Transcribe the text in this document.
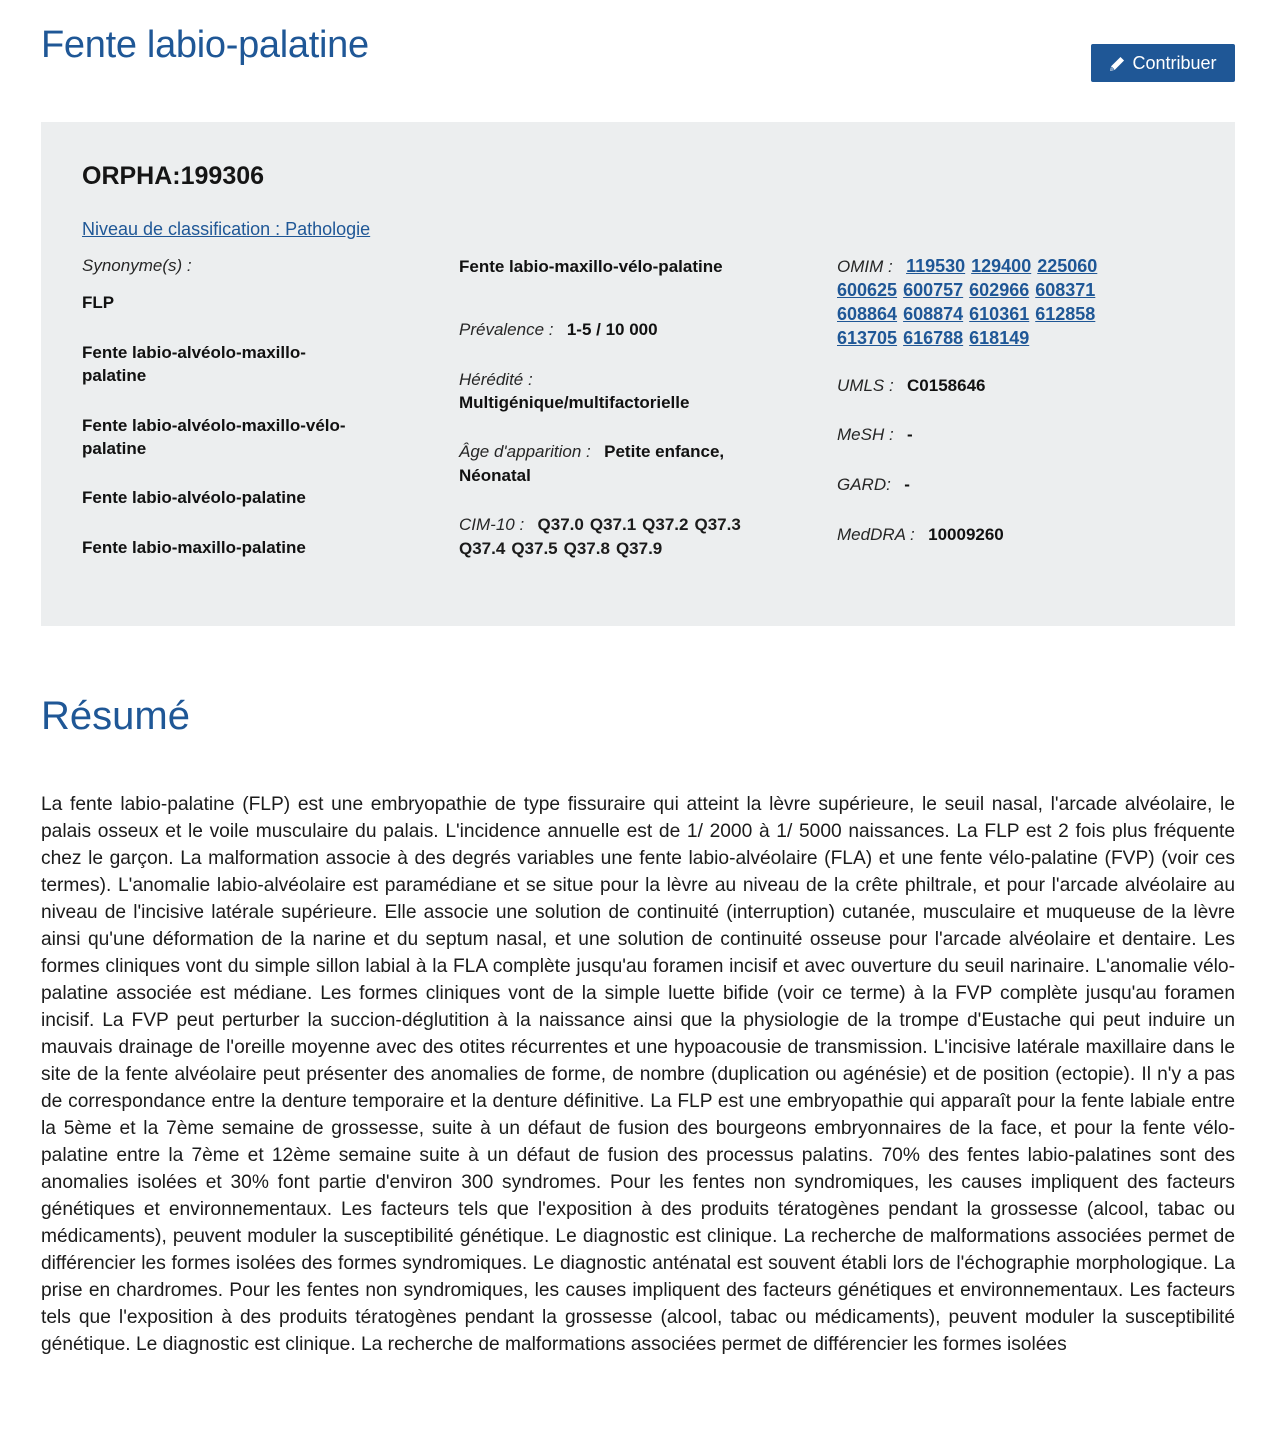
Fente labio-palatine	Contribuer
ORPHA:199306
Niveau de classification : Pathologie
Synonyme(s) :
FLP
Fente labio-alvéolo-maxillo-palatine
Fente labio-alvéolo-maxillo-vélo-palatine
Fente labio-alvéolo-palatine
Fente labio-maxillo-palatine
Fente labio-maxillo-vélo-palatine
Prévalence : 1-5 / 10 000
Hérédité :
Multigénique/multifactorielle
Âge d'apparition : Petite enfance,
Néonatal
CIM-10 : Q37.0 Q37.1 Q37.2 Q37.3
Q37.4 Q37.5 Q37.8 Q37.9
OMIM : 119530 129400 225060
600625 600757 602966 608371
608864 608874 610361 612858
613705 616788 618149
UMLS : C0158646
MeSH : -
GARD: -
MedDRA : 10009260
Résumé

La fente labio-palatine (FLP) est une embryopathie de type fissuraire qui atteint la lèvre supérieure, le seuil nasal, l'arcade alvéolaire, le palais osseux et le voile musculaire du palais. L'incidence annuelle est de 1/ 2000 à 1/ 5000 naissances. La FLP est 2 fois plus fréquente chez le garçon. La malformation associe à des degrés variables une fente labio-alvéolaire (FLA) et une fente vélo-palatine (FVP) (voir ces termes). L'anomalie labio-alvéolaire est paramédiane et se situe pour la lèvre au niveau de la crête philtrale, et pour l'arcade alvéolaire au niveau de l'incisive latérale supérieure. Elle associe une solution de continuité (interruption) cutanée, musculaire et muqueuse de la lèvre ainsi qu'une déformation de la narine et du septum nasal, et une solution de continuité osseuse pour l'arcade alvéolaire et dentaire. Les formes cliniques vont du simple sillon labial à la FLA complète jusqu'au foramen incisif et avec ouverture du seuil narinaire. L'anomalie vélo-palatine associée est médiane. Les formes cliniques vont de la simple luette bifide (voir ce terme) à la FVP complète jusqu'au foramen incisif. La FVP peut perturber la succion-déglutition à la naissance ainsi que la physiologie de la trompe d'Eustache qui peut induire un mauvais drainage de l'oreille moyenne avec des otites récurrentes et une hypoacousie de transmission. L'incisive latérale maxillaire dans le site de la fente alvéolaire peut présenter des anomalies de forme, de nombre (duplication ou agénésie) et de position (ectopie). Il n'y a pas de correspondance entre la denture temporaire et la denture définitive. La FLP est une embryopathie qui apparaît pour la fente labiale entre la 5ème et la 7ème semaine de grossesse, suite à un défaut de fusion des bourgeons embryonnaires de la face, et pour la fente vélo-palatine entre la 7ème et 12ème semaine suite à un défaut de fusion des processus palatins. 70% des fentes labio-palatines sont des anomalies isolées et 30% font partie d'environ 300 syndromes. Pour les fentes non syndromiques, les causes impliquent des facteurs génétiques et environnementaux. Les facteurs tels que l'exposition à des produits tératogènes pendant la grossesse (alcool, tabac ou médicaments), peuvent moduler la susceptibilité génétique. Le diagnostic est clinique. La recherche de malformations associées permet de différencier les formes isolées des formes syndromiques. Le diagnostic anténatal est souvent établi lors de l'échographie morphologique. La prise en chardromes. Pour les fentes non syndromiques, les causes impliquent des facteurs génétiques et environnementaux. Les facteurs tels que l'exposition à des produits tératogènes pendant la grossesse (alcool, tabac ou médicaments), peuvent moduler la susceptibilité génétique. Le diagnostic est clinique. La recherche de malformations associées permet de différencier les formes isolées
